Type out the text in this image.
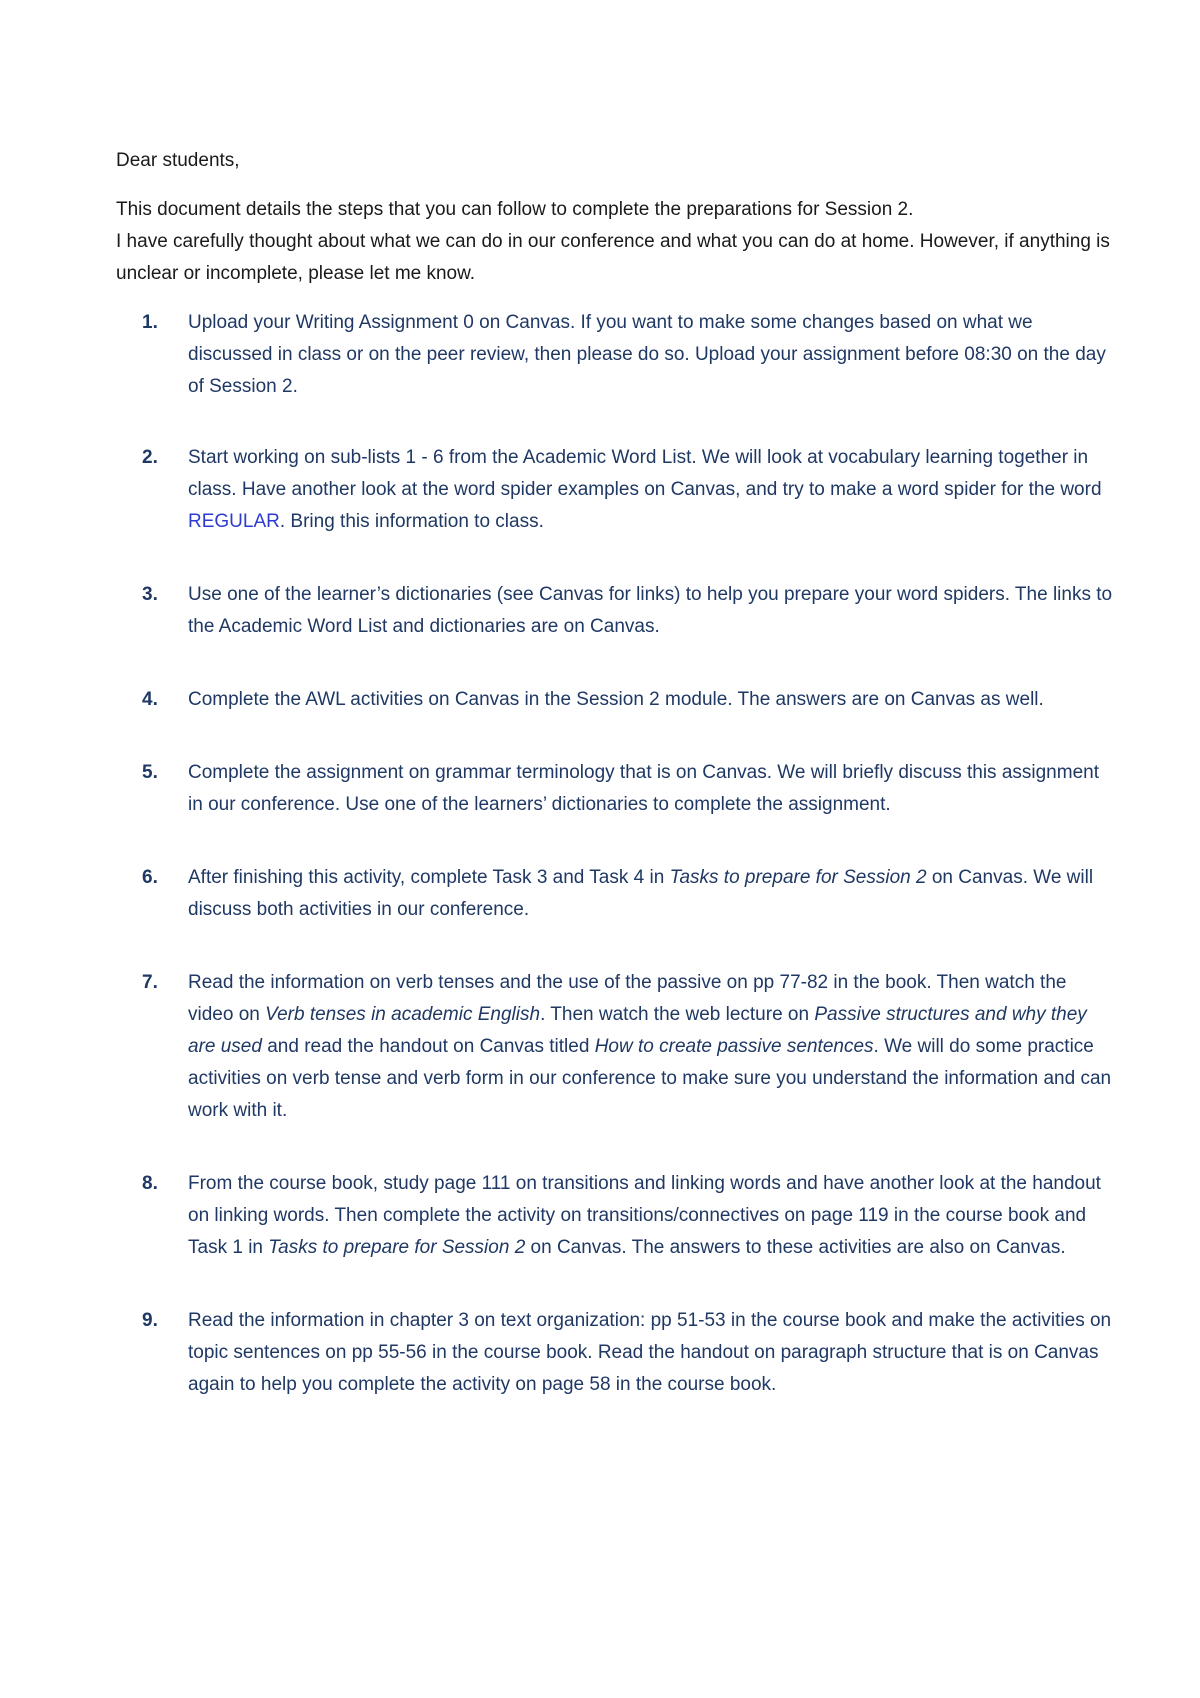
Dear students,

This document details the steps that you can follow to complete the preparations for Session 2.

I have carefully thought about what we can do in our conference and what you can do at home. However, if anything is unclear or incomplete, please let me know.

1. Upload your Writing Assignment 0 on Canvas. If you want to make some changes based on what we discussed in class or on the peer review, then please do so. Upload your assignment before 08:30 on the day of Session 2.
2. Start working on sub-lists 1 - 6 from the Academic Word List. We will look at vocabulary learning together in class. Have another look at the word spider examples on Canvas, and try to make a word spider for the word REGULAR. Bring this information to class.
3. Use one of the learner’s dictionaries (see Canvas for links) to help you prepare your word spiders. The links to the Academic Word List and dictionaries are on Canvas.
4. Complete the AWL activities on Canvas in the Session 2 module. The answers are on Canvas as well.
5. Complete the assignment on grammar terminology that is on Canvas. We will briefly discuss this assignment in our conference. Use one of the learners’ dictionaries to complete the assignment.
6. After finishing this activity, complete Task 3 and Task 4 in Tasks to prepare for Session 2 on Canvas. We will discuss both activities in our conference.
7. Read the information on verb tenses and the use of the passive on pp 77-82 in the book. Then watch the video on Verb tenses in academic English. Then watch the web lecture on Passive structures and why they are used and read the handout on Canvas titled How to create passive sentences. We will do some practice activities on verb tense and verb form in our conference to make sure you understand the information and can work with it.
8. From the course book, study page 111 on transitions and linking words and have another look at the handout on linking words. Then complete the activity on transitions/connectives on page 119 in the course book and Task 1 in Tasks to prepare for Session 2 on Canvas. The answers to these activities are also on Canvas.
9. Read the information in chapter 3 on text organization: pp 51-53 in the course book and make the activities on topic sentences on pp 55-56 in the course book. Read the handout on paragraph structure that is on Canvas again to help you complete the activity on page 58 in the course book.
